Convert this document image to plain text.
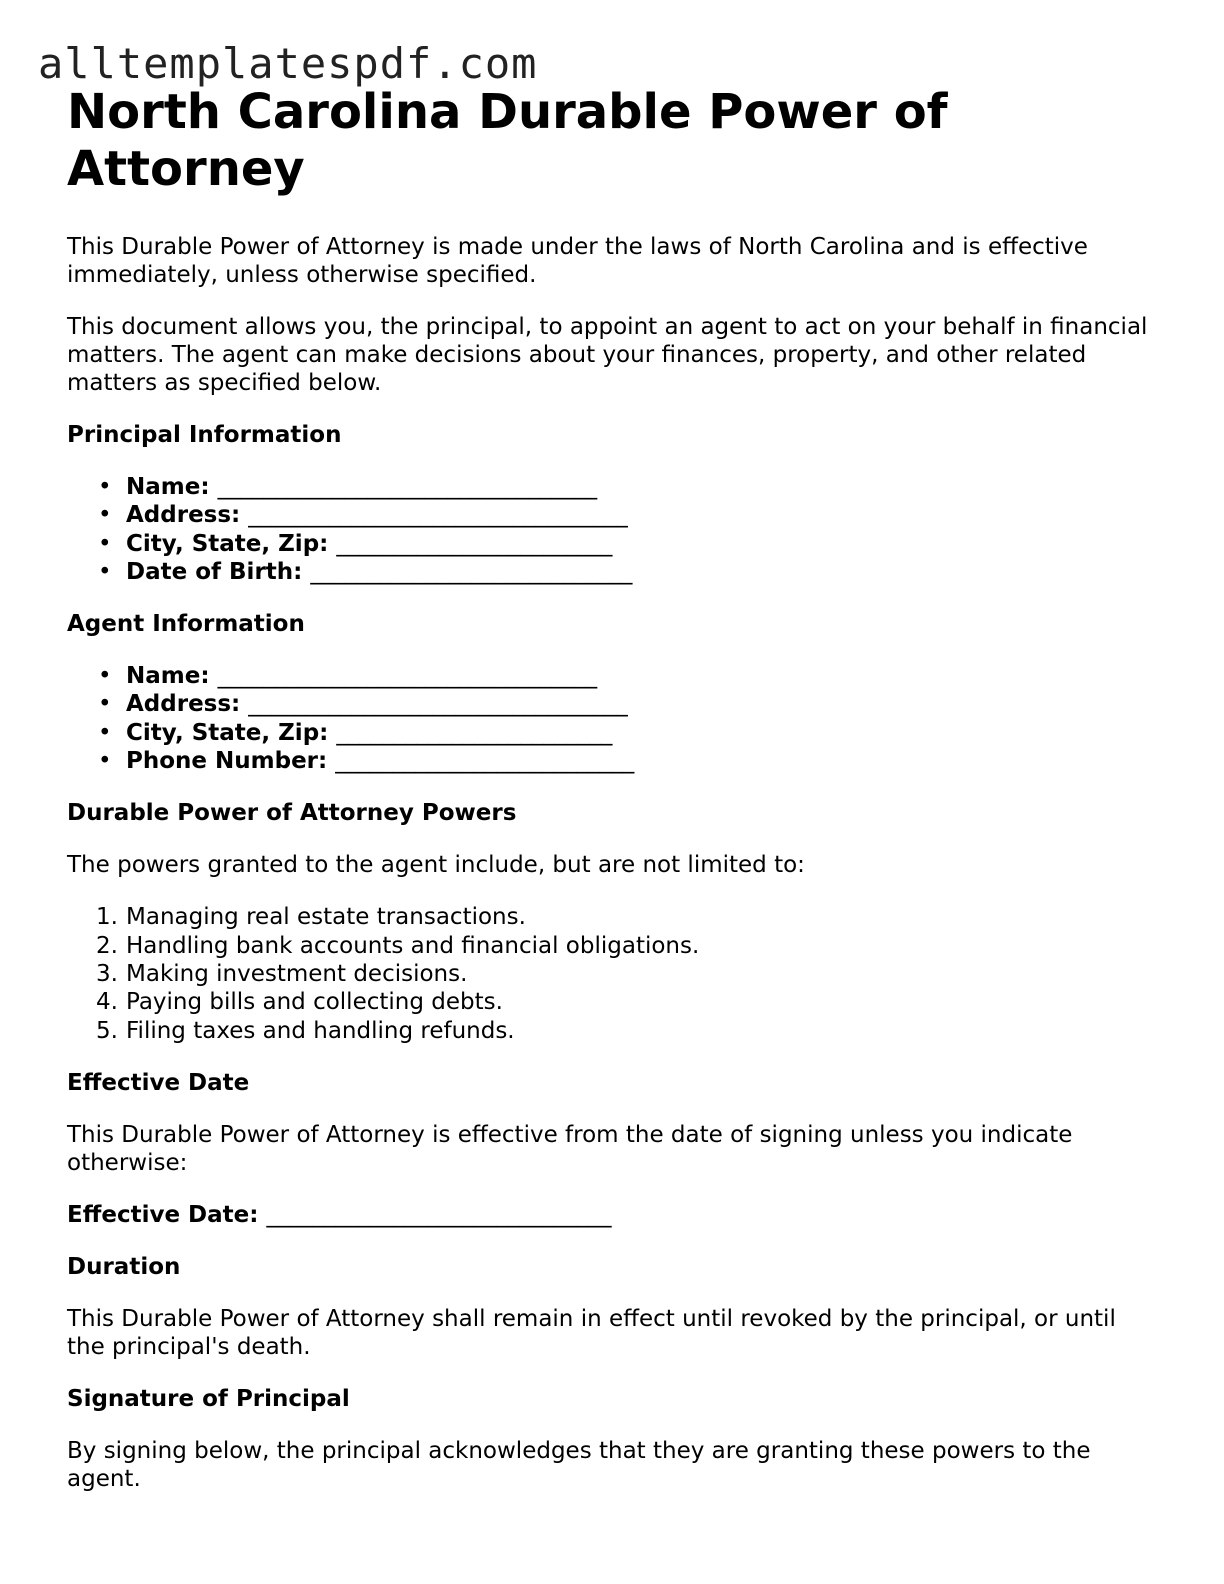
alltemplatespdf.com
North Carolina Durable Power of Attorney

This Durable Power of Attorney is made under the laws of North Carolina and is effective immediately, unless otherwise specified.

This document allows you, the principal, to appoint an agent to act on your behalf in financial matters. The agent can make decisions about your finances, property, and other related matters as specified below.

Principal Information
• Name: _________________________________
• Address: _________________________________
• City, State, Zip: ________________________
• Date of Birth: ____________________________
Agent Information
• Name: _________________________________
• Address: _________________________________
• City, State, Zip: ________________________
• Phone Number: __________________________
Durable Power of Attorney Powers

The powers granted to the agent include, but are not limited to:

1. Managing real estate transactions.
2. Handling bank accounts and financial obligations.
3. Making investment decisions.
4. Paying bills and collecting debts.
5. Filing taxes and handling refunds.
Effective Date

This Durable Power of Attorney is effective from the date of signing unless you indicate otherwise:

Effective Date: ______________________________
Duration

This Durable Power of Attorney shall remain in effect until revoked by the principal, or until the principal's death.

Signature of Principal

By signing below, the principal acknowledges that they are granting these powers to the agent.
